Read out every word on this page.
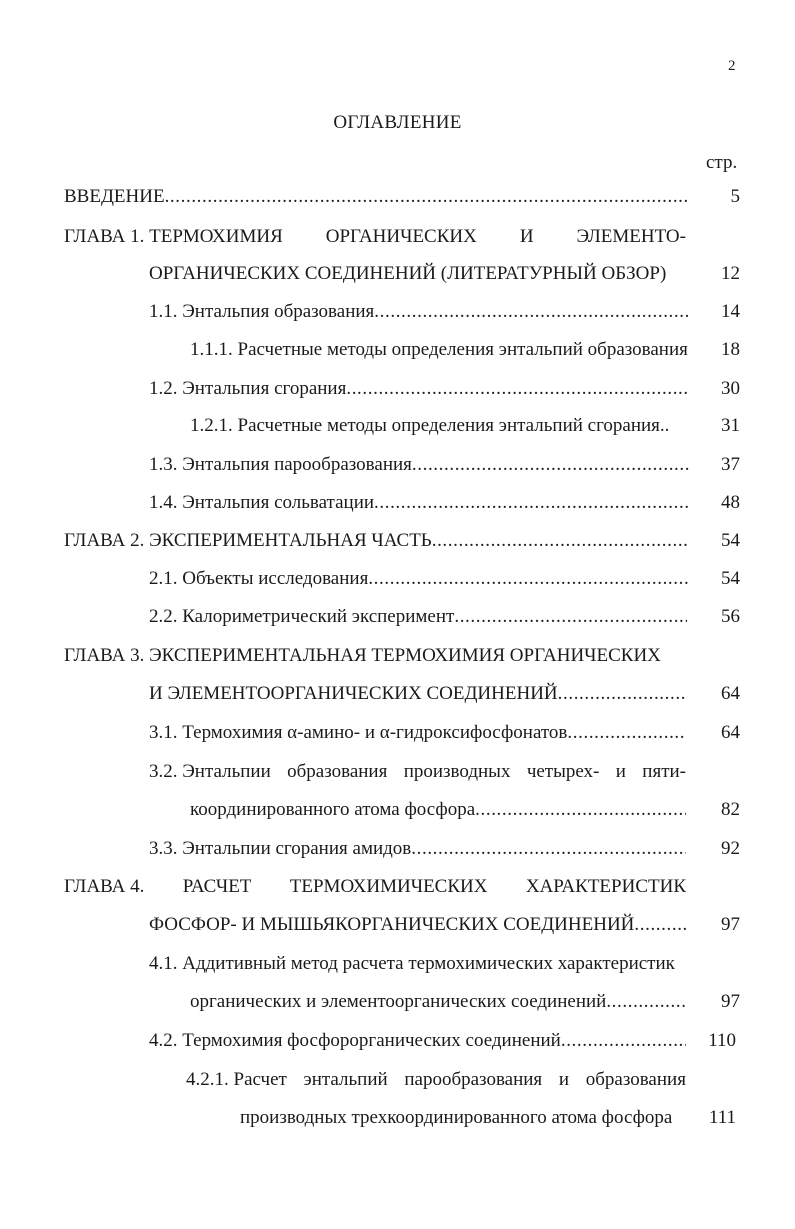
2
ОГЛАВЛЕНИЕ
стр.
ВВЕДЕНИЕ .....	5
ГЛАВА 1. ТЕРМОХИМИЯ ОРГАНИЧЕСКИХ И ЭЛЕМЕНТО-
ОРГАНИЧЕСКИХ СОЕДИНЕНИЙ (ЛИТЕРАТУРНЫЙ ОБЗОР)	12
1.1. Энтальпия образования .....	14
1.1.1. Расчетные методы определения энтальпий образования	18
1.2. Энтальпия сгорания .....	30
1.2.1. Расчетные методы определения энтальпий сгорания..	31
1.3. Энтальпия парообразования .....	37
1.4. Энтальпия сольватации .....	48
ГЛАВА 2. ЭКСПЕРИМЕНТАЛЬНАЯ ЧАСТЬ .....	54
2.1. Объекты исследования .....	54
2.2. Калориметрический эксперимент .....	56
ГЛАВА 3. ЭКСПЕРИМЕНТАЛЬНАЯ ТЕРМОХИМИЯ ОРГАНИЧЕСКИХ
И ЭЛЕМЕНТООРГАНИЧЕСКИХ СОЕДИНЕНИЙ .....	64
3.1. Термохимия α-амино- и α-гидроксифосфонатов .....	64
3.2. Энтальпии образования производных четырех- и пяти-
координированного атома фосфора .....	82
3.3. Энтальпии сгорания амидов .....	92
ГЛАВА 4. РАСЧЕТ ТЕРМОХИМИЧЕСКИХ ХАРАКТЕРИСТИК
ФОСФОР- И МЫШЬЯКОРГАНИЧЕСКИХ СОЕДИНЕНИЙ .....	97
4.1. Аддитивный метод расчета термохимических характеристик
органических и элементоорганических соединений .....	97
4.2. Термохимия фосфорорганических соединений .....	110
4.2.1. Расчет энтальпий парообразования и образования
производных трехкоординированного атома фосфора	111
